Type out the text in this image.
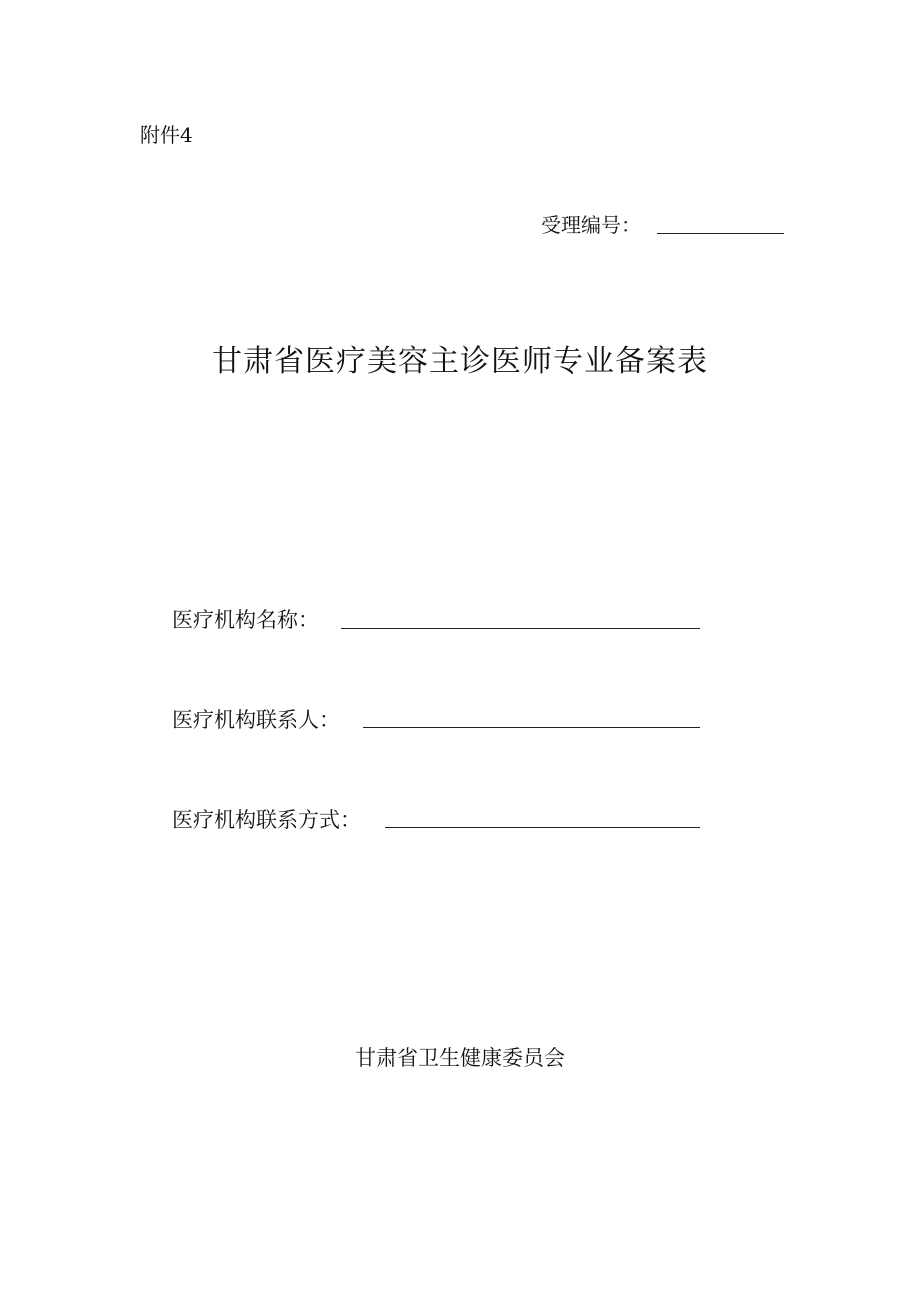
附件4
受理编号：
甘肃省医疗美容主诊医师专业备案表
医疗机构名称：
医疗机构联系人：
医疗机构联系方式：
甘肃省卫生健康委员会
